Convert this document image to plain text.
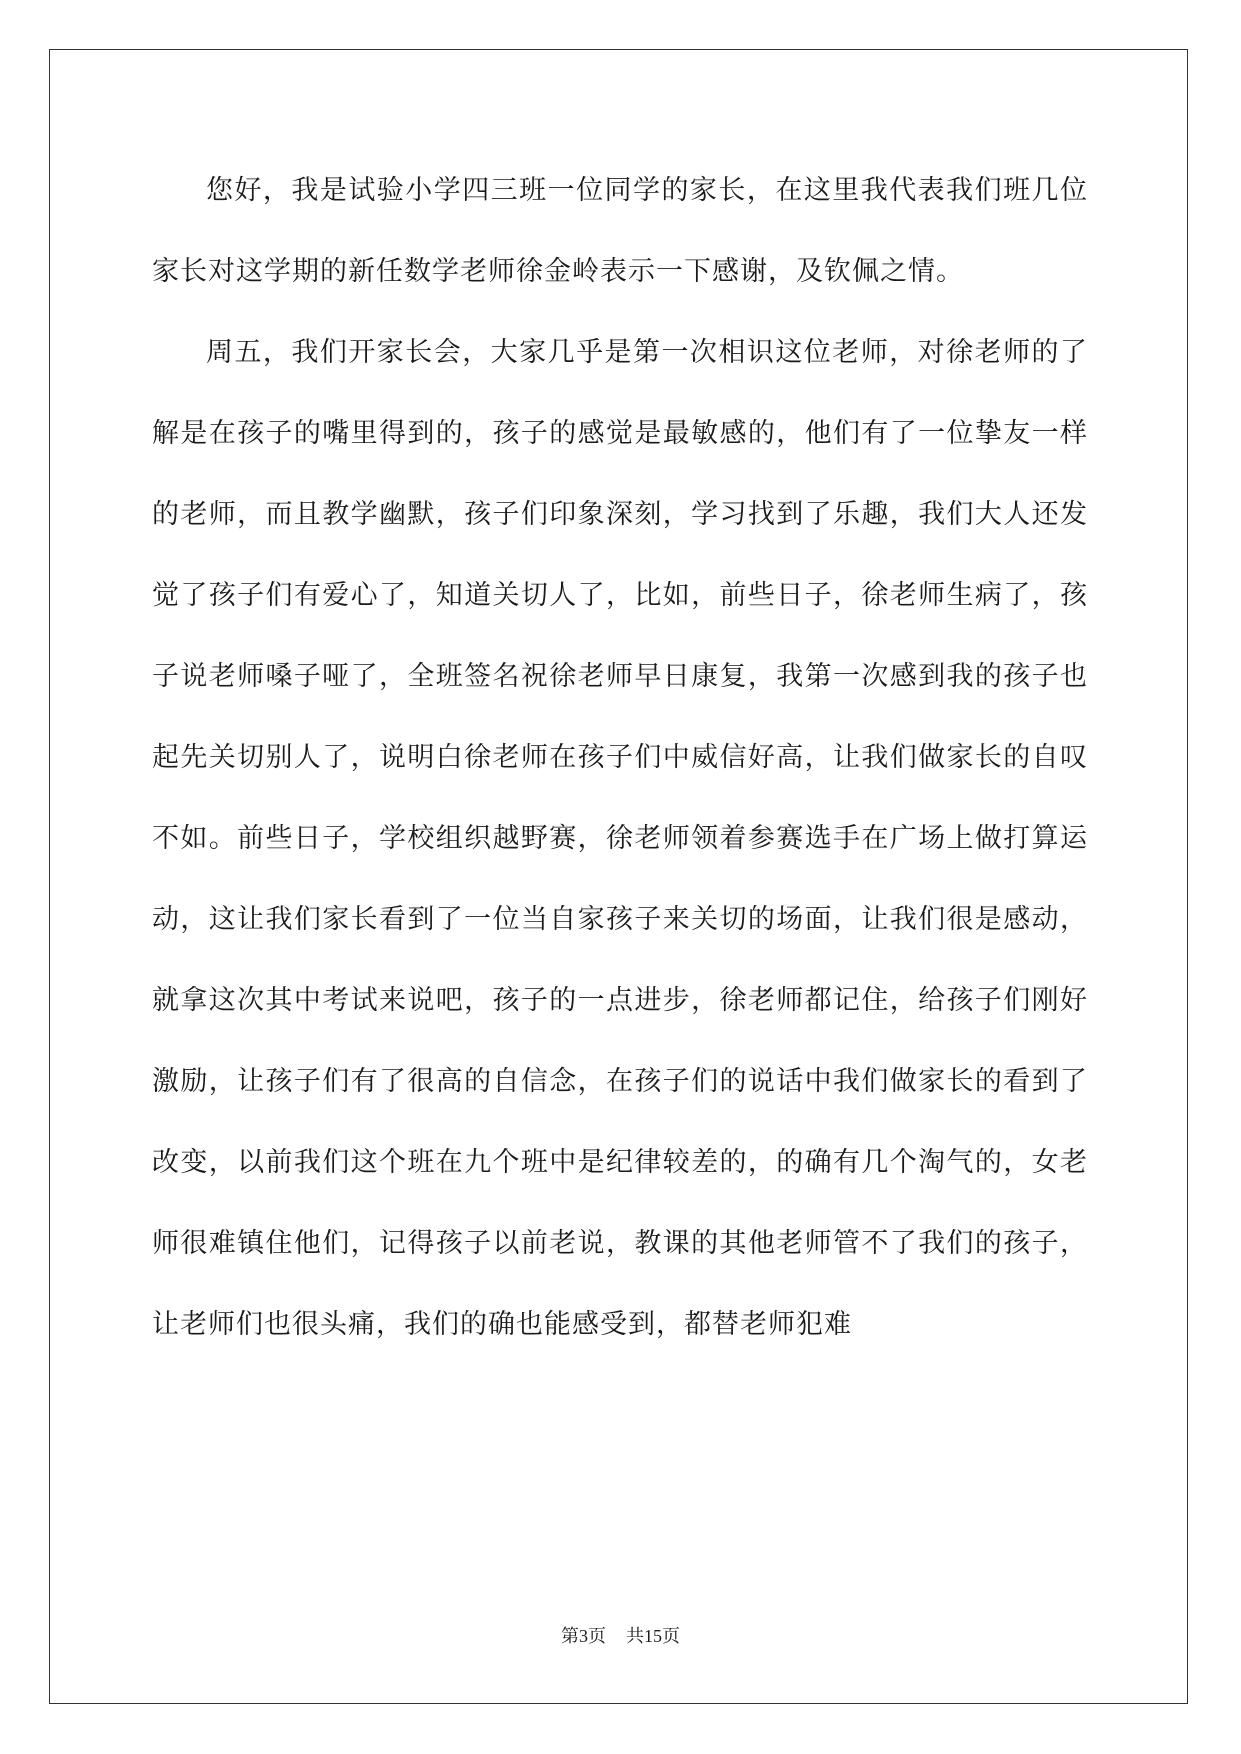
您好，我是试验小学四三班一位同学的家长，在这里我代表我们班几位家长对这学期的新任数学老师徐金岭表示一下感谢，及钦佩之情。

周五，我们开家长会，大家几乎是第一次相识这位老师，对徐老师的了解是在孩子的嘴里得到的，孩子的感觉是最敏感的，他们有了一位挚友一样的老师，而且教学幽默，孩子们印象深刻，学习找到了乐趣，我们大人还发觉了孩子们有爱心了，知道关切人了，比如，前些日子，徐老师生病了，孩子说老师嗓子哑了，全班签名祝徐老师早日康复，我第一次感到我的孩子也起先关切别人了，说明白徐老师在孩子们中威信好高，让我们做家长的自叹不如。前些日子，学校组织越野赛，徐老师领着参赛选手在广场上做打算运动，这让我们家长看到了一位当自家孩子来关切的场面，让我们很是感动，就拿这次其中考试来说吧，孩子的一点进步，徐老师都记住，给孩子们刚好激励，让孩子们有了很高的自信念，在孩子们的说话中我们做家长的看到了改变，以前我们这个班在九个班中是纪律较差的，的确有几个淘气的，女老师很难镇住他们，记得孩子以前老说，教课的其他老师管不了我们的孩子，让老师们也很头痛，我们的确也能感受到，都替老师犯难

第3页 共15页
